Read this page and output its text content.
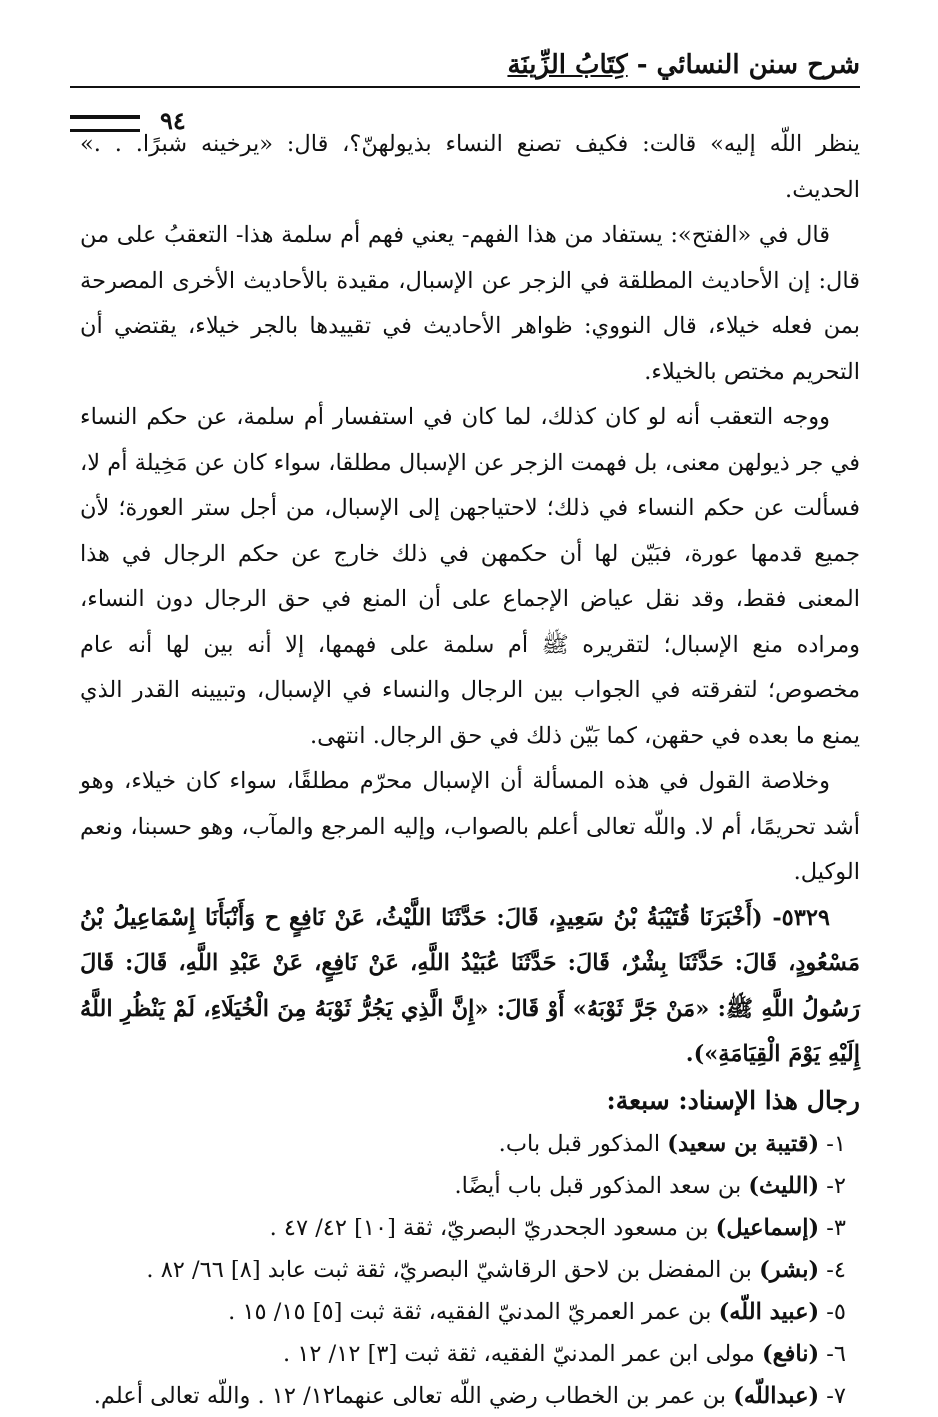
شرح سنن النسائي - كِتَابُ الزِّينَة
٩٤

ينظر اللّه إليه» قالت: فكيف تصنع النساء بذيولهنّ؟، قال: «يرخينه شبرًا. . .» الحديث.

قال في «الفتح»: يستفاد من هذا الفهم- يعني فهم أم سلمة هذا- التعقبُ على من قال: إن الأحاديث المطلقة في الزجر عن الإسبال، مقيدة بالأحاديث الأخرى المصرحة بمن فعله خيلاء، قال النووي: ظواهر الأحاديث في تقييدها بالجر خيلاء، يقتضي أن التحريم مختص بالخيلاء.

ووجه التعقب أنه لو كان كذلك، لما كان في استفسار أم سلمة، عن حكم النساء في جر ذيولهن معنى، بل فهمت الزجر عن الإسبال مطلقا، سواء كان عن مَخِيلة أم لا، فسألت عن حكم النساء في ذلك؛ لاحتياجهن إلى الإسبال، من أجل ستر العورة؛ لأن جميع قدمها عورة، فبَيّن لها أن حكمهن في ذلك خارج عن حكم الرجال في هذا المعنى فقط، وقد نقل عياض الإجماع على أن المنع في حق الرجال دون النساء، ومراده منع الإسبال؛ لتقريره ﷺ أم سلمة على فهمها، إلا أنه بين لها أنه عام مخصوص؛ لتفرقته في الجواب بين الرجال والنساء في الإسبال، وتبيينه القدر الذي يمنع ما بعده في حقهن، كما بَيّن ذلك في حق الرجال. انتهى.

وخلاصة القول في هذه المسألة أن الإسبال محرّم مطلقًا، سواء كان خيلاء، وهو أشد تحريمًا، أم لا. واللّه تعالى أعلم بالصواب، وإليه المرجع والمآب، وهو حسبنا، ونعم الوكيل.

٥٣٢٩- (أَخْبَرَنَا قُتَيْبَةُ بْنُ سَعِيدٍ، قَالَ: حَدَّثَنَا اللَّيْثُ، عَنْ نَافِعٍ ح وَأَنْبَأَنَا إِسْمَاعِيلُ بْنُ مَسْعُودٍ، قَالَ: حَدَّثَنَا بِشْرٌ، قَالَ: حَدَّثَنَا عُبَيْدُ اللَّهِ، عَنْ نَافِعٍ، عَنْ عَبْدِ اللَّهِ، قَالَ: قَالَ رَسُولُ اللَّهِ ﷺ: «مَنْ جَرَّ ثَوْبَهُ» أَوْ قَالَ: «إِنَّ الَّذِي يَجُرُّ ثَوْبَهُ مِنَ الْخُيَلَاءِ، لَمْ يَنْظُرِ اللَّهُ إِلَيْهِ يَوْمَ الْقِيَامَةِ»).

رجال هذا الإسناد: سبعة:

١- (قتيبة بن سعيد) المذكور قبل باب.
٢- (الليث) بن سعد المذكور قبل باب أيضًا.
٣- (إسماعيل) بن مسعود الجحدريّ البصريّ، ثقة [١٠] ٤٢/ ٤٧ .
٤- (بشر) بن المفضل بن لاحق الرقاشيّ البصريّ، ثقة ثبت عابد [٨] ٦٦/ ٨٢ .
٥- (عبيد اللّه) بن عمر العمريّ المدنيّ الفقيه، ثقة ثبت [٥] ١٥/ ١٥ .
٦- (نافع) مولى ابن عمر المدنيّ الفقيه، ثقة ثبت [٣] ١٢/ ١٢ .
٧- (عبداللّه) بن عمر بن الخطاب رضي اللّه تعالى عنهما١٢/ ١٢ . واللّه تعالى أعلم.
